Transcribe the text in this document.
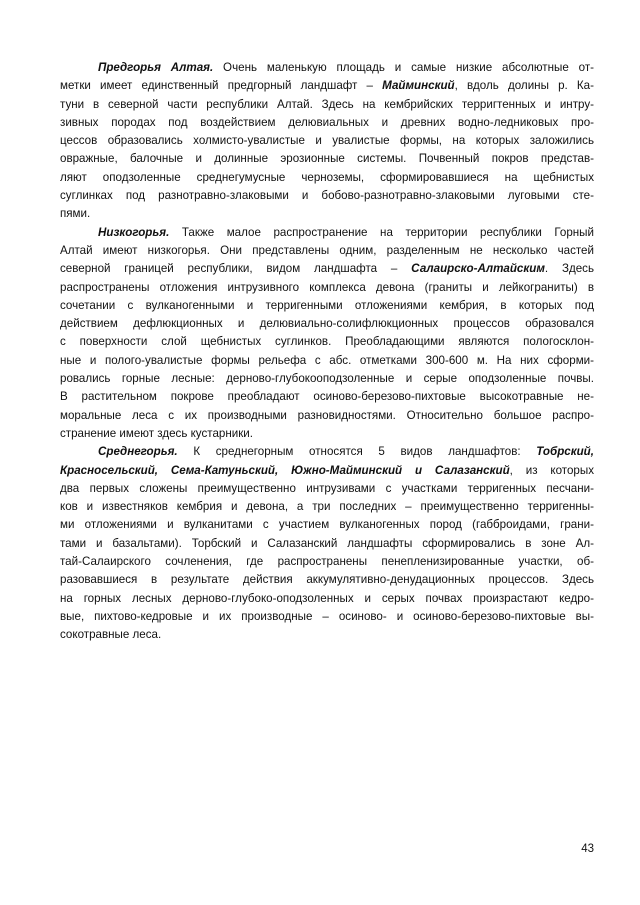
Предгорья Алтая. Очень маленькую площадь и самые низкие абсолютные от-
метки имеет единственный предгорный ландшафт – Майминский, вдоль долины р. Ка-
туни в северной части республики Алтай. Здесь на кембрийских терригтенных и интру-
зивных породах под воздействием делювиальных и древних водно-ледниковых про-
цессов образовались холмисто-увалистые и увалистые формы, на которых заложились
овражные, балочные и долинные эрозионные системы. Почвенный покров представ-
ляют оподзоленные среднегумусные черноземы, сформировавшиеся на щебнистых
суглинках под разнотравно-злаковыми и бобово-разнотравно-злаковыми луговыми сте-
пями.
Низкогорья. Также малое распространение на территории республики Горный
Алтай имеют низкогорья. Они представлены одним, разделенным не несколько частей
северной границей республики, видом ландшафта – Салаирско-Алтайским. Здесь
распространены отложения интрузивного комплекса девона (граниты и лейкограниты) в
сочетании с вулканогенными и терригенными отложениями кембрия, в которых под
действием дефлюкционных и делювиально-солифлюкционных процессов образовался
с поверхности слой щебнистых суглинков. Преобладающими являются пологосклон-
ные и полого-увалистые формы рельефа с абс. отметками 300-600 м. На них сформи-
ровались горные лесные: дерново-глубокооподзоленные и серые оподзоленные почвы.
В растительном покрове преобладают осиново-березово-пихтовые высокотравные не-
моральные леса с их производными разновидностями. Относительно большое распро-
странение имеют здесь кустарники.
Среднегорья. К среднегорным относятся 5 видов ландшафтов: Тобрский,
Красносельский, Сема-Катуньский, Южно-Майминский и Салазанский, из которых
два первых сложены преимущественно интрузивами с участками терригенных песчани-
ков и известняков кембрия и девона, а три последних – преимущественно терригенны-
ми отложениями и вулканитами с участием вулканогенных пород (габброидами, грани-
тами и базальтами). Торбский и Салазанский ландшафты сформировались в зоне Ал-
тай-Салаирского сочленения, где распространены пенепленизированные участки, об-
разовавшиеся в результате действия аккумулятивно-денудационных процессов. Здесь
на горных лесных дерново-глубоко-оподзоленных и серых почвах произрастают кедро-
вые, пихтово-кедровые и их производные – осиново- и осиново-березово-пихтовые вы-
сокотравные леса.
43
